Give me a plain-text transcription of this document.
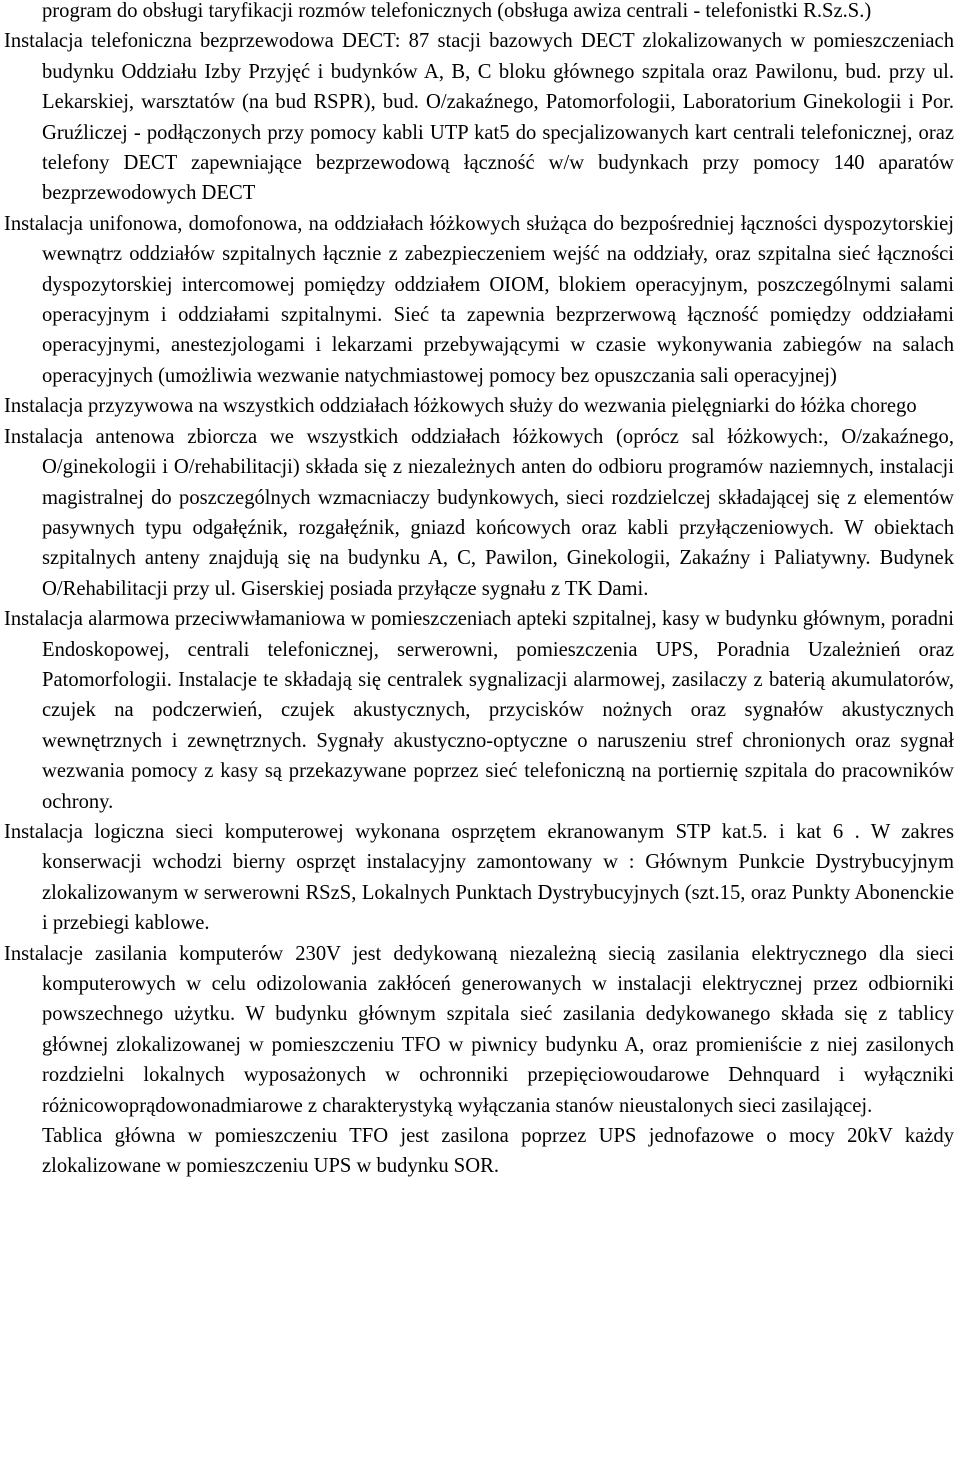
program do obsługi taryfikacji rozmów telefonicznych (obsługa awiza centrali - telefonistki R.Sz.S.)

Instalacja telefoniczna bezprzewodowa DECT: 87 stacji bazowych DECT zlokalizowanych w pomieszczeniach budynku Oddziału Izby Przyjęć i budynków A, B, C bloku głównego szpitala oraz Pawilonu, bud. przy ul. Lekarskiej, warsztatów (na bud RSPR), bud. O/zakaźnego, Patomorfologii, Laboratorium Ginekologii i Por. Gruźliczej - podłączonych przy pomocy kabli UTP kat5 do specjalizowanych kart centrali telefonicznej, oraz telefony DECT zapewniające bezprzewodową łączność w/w budynkach przy pomocy 140 aparatów bezprzewodowych DECT

Instalacja unifonowa, domofonowa, na oddziałach łóżkowych służąca do bezpośredniej łączności dyspozytorskiej wewnątrz oddziałów szpitalnych łącznie z zabezpieczeniem wejść na oddziały, oraz szpitalna sieć łączności dyspozytorskiej intercomowej pomiędzy oddziałem OIOM, blokiem operacyjnym, poszczególnymi salami operacyjnym i oddziałami szpitalnymi. Sieć ta zapewnia bezprzerwową łączność pomiędzy oddziałami operacyjnymi, anestezjologami i lekarzami przebywającymi w czasie wykonywania zabiegów na salach operacyjnych (umożliwia wezwanie natychmiastowej pomocy bez opuszczania sali operacyjnej)

Instalacja przyzywowa na wszystkich oddziałach łóżkowych służy do wezwania pielęgniarki do łóżka chorego

Instalacja antenowa zbiorcza we wszystkich oddziałach łóżkowych (oprócz sal łóżkowych:, O/zakaźnego, O/ginekologii i O/rehabilitacji) składa się z niezależnych anten do odbioru programów naziemnych, instalacji magistralnej do poszczególnych wzmacniaczy budynkowych, sieci rozdzielczej składającej się z elementów pasywnych typu odgałęźnik, rozgałęźnik, gniazd końcowych oraz kabli przyłączeniowych. W obiektach szpitalnych anteny znajdują się na budynku A, C, Pawilon, Ginekologii, Zakaźny i Paliatywny. Budynek O/Rehabilitacji przy ul. Giserskiej posiada przyłącze sygnału z TK Dami.

Instalacja alarmowa przeciwwłamaniowa w pomieszczeniach apteki szpitalnej, kasy w budynku głównym, poradni Endoskopowej, centrali telefonicznej, serwerowni, pomieszczenia UPS, Poradnia Uzależnień oraz Patomorfologii. Instalacje te składają się centralek sygnalizacji alarmowej, zasilaczy z baterią akumulatorów, czujek na podczerwień, czujek akustycznych, przycisków nożnych oraz sygnałów akustycznych wewnętrznych i zewnętrznych. Sygnały akustyczno-optyczne o naruszeniu stref chronionych oraz sygnał wezwania pomocy z kasy są przekazywane poprzez sieć telefoniczną na portiernię szpitala do pracowników ochrony.

Instalacja logiczna sieci komputerowej wykonana osprzętem ekranowanym STP kat.5. i kat 6 . W zakres konserwacji wchodzi bierny osprzęt instalacyjny zamontowany w : Głównym Punkcie Dystrybucyjnym zlokalizowanym w serwerowni RSzS, Lokalnych Punktach Dystrybucyjnych (szt.15, oraz Punkty Abonenckie i przebiegi kablowe.

Instalacje zasilania komputerów 230V jest dedykowaną niezależną siecią zasilania elektrycznego dla sieci komputerowych w celu odizolowania zakłóceń generowanych w instalacji elektrycznej przez odbiorniki powszechnego użytku. W budynku głównym szpitala sieć zasilania dedykowanego składa się z tablicy głównej zlokalizowanej w pomieszczeniu TFO w piwnicy budynku A, oraz promieniście z niej zasilonych rozdzielni lokalnych wyposażonych w ochronniki przepięciowoudarowe Dehnquard i wyłączniki różnicowoprądowonadmiarowe z charakterystyką wyłączania stanów nieustalonych sieci zasilającej.

Tablica główna w pomieszczeniu TFO jest zasilona poprzez UPS jednofazowe o mocy 20kV każdy zlokalizowane w pomieszczeniu UPS w budynku SOR.
